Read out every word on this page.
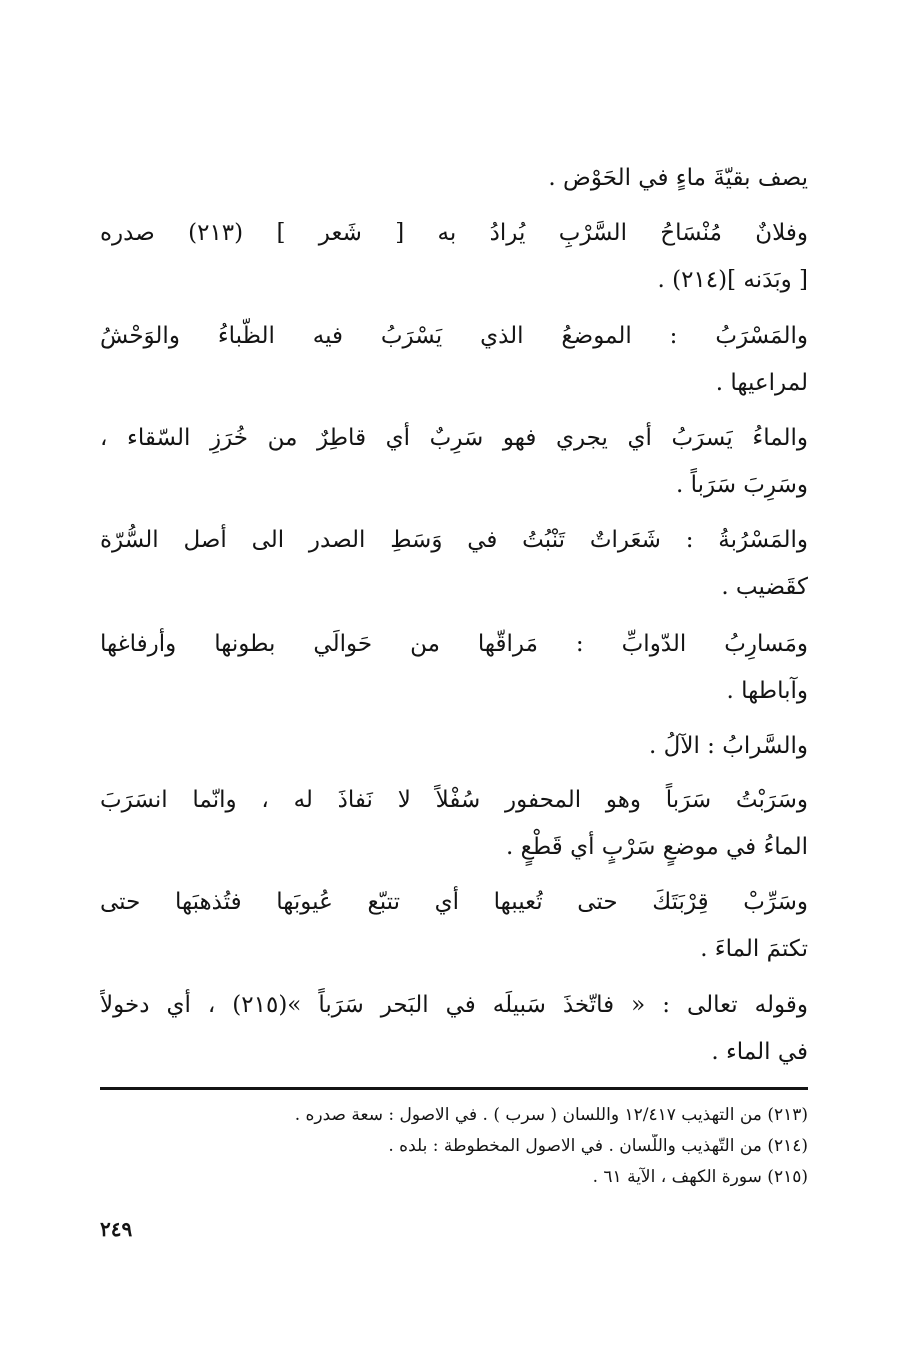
يصف بقيّةَ ماءٍ في الحَوْض .
وفلانٌ مُنْسَاحُ السَّرْبِ يُرادُ به [ شَعر ] (٢١٣) صدره
[ وبَدَنه ](٢١٤) .
والمَسْرَبُ : الموضعُ الذي يَسْرَبُ فيه الظّباءُ والوَحْشُ
لمراعيها .
والماءُ يَسرَبُ أي يجري فهو سَرِبٌ أي قاطِرٌ من خُرَزِ السّقاء ،
وسَرِبَ سَرَباً .
والمَسْرُبةُ : شَعَراتٌ تَنْبُتُ في وَسَطِ الصدر الى أصل السُّرّة
كقَضيب .
ومَسارِبُ الدّوابِّ : مَراقّها من حَوالَي بطونها وأرفاغها
وآباطها .
والسَّرابُ : الآلُ .
وسَرَبْتُ سَرَباً وهو المحفور سُفْلاً لا نَفاذَ له ، وانّما انسَرَبَ
الماءُ في موضعٍ سَرْبٍ أي قَطْعٍ .
وسَرِّبْ قِرْبَتَكَ حتى تُعيبها أي تتبّع عُيوبَها فتُذهبَها حتى
تكتمَ الماءَ .
وقوله تعالى : « فاتّخذَ سَبيلَه في البَحر سَرَباً »(٢١٥) ، أي دخولاً
في الماء .
(٢١٣) من التهذيب ١٢/٤١٧ واللسان ( سرب ) . في الاصول : سعة صدره .
(٢١٤) من التّهذيب واللّسان . في الاصول المخطوطة : بلده .
(٢١٥) سورة الكهف ، الآية ٦١ .
٢٤٩
